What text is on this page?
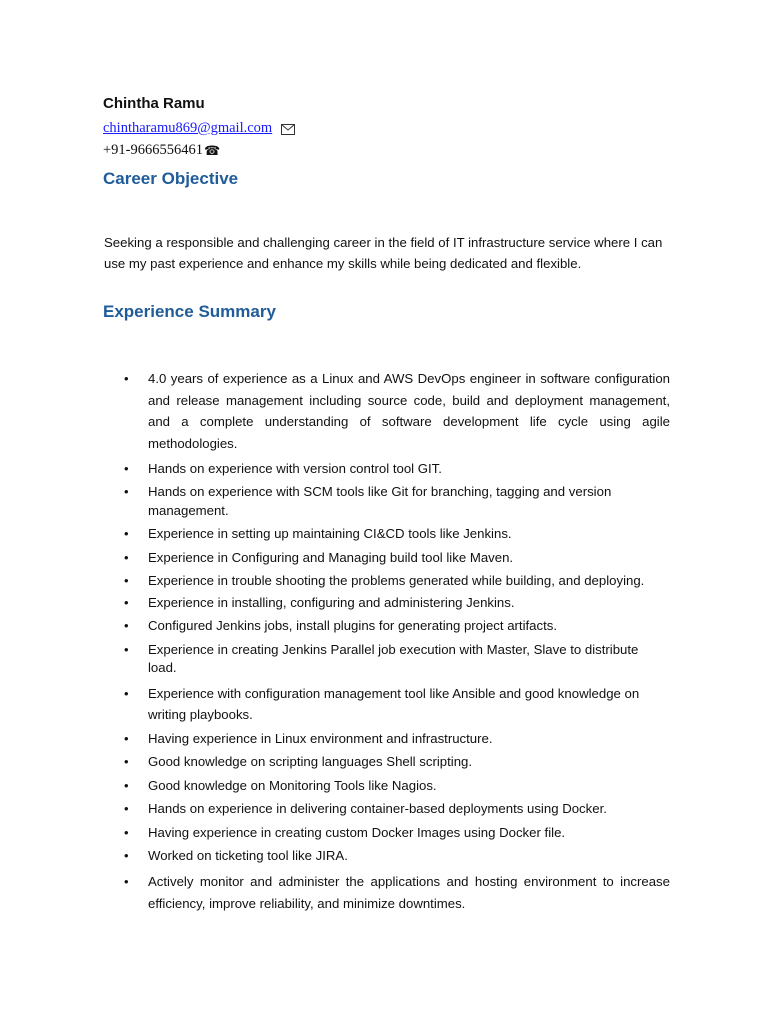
Chintha Ramu
chintharamu869@gmail.com
+91-9666556461 ☎
Career Objective
Seeking a responsible and challenging career in the field of IT infrastructure service where I can use my past experience and enhance my skills while being dedicated and flexible.
Experience Summary
• 4.0 years of experience as a Linux and AWS DevOps engineer in software configuration and release management including source code, build and deployment management, and a complete understanding of software development life cycle using agile methodologies.
• Hands on experience with version control tool GIT.
• Hands on experience with SCM tools like Git for branching, tagging and version management.
• Experience in setting up maintaining CI&CD tools like Jenkins.
• Experience in Configuring and Managing build tool like Maven.
• Experience in trouble shooting the problems generated while building, and deploying.
• Experience in installing, configuring and administering Jenkins.
• Configured Jenkins jobs, install plugins for generating project artifacts.
• Experience in creating Jenkins Parallel job execution with Master, Slave to distribute load.
• Experience with configuration management tool like Ansible and good knowledge on writing playbooks.
• Having experience in Linux environment and infrastructure.
• Good knowledge on scripting languages Shell scripting.
• Good knowledge on Monitoring Tools like Nagios.
• Hands on experience in delivering container-based deployments using Docker.
• Having experience in creating custom Docker Images using Docker file.
• Worked on ticketing tool like JIRA.
• Actively monitor and administer the applications and hosting environment to increase efficiency, improve reliability, and minimize downtimes.
